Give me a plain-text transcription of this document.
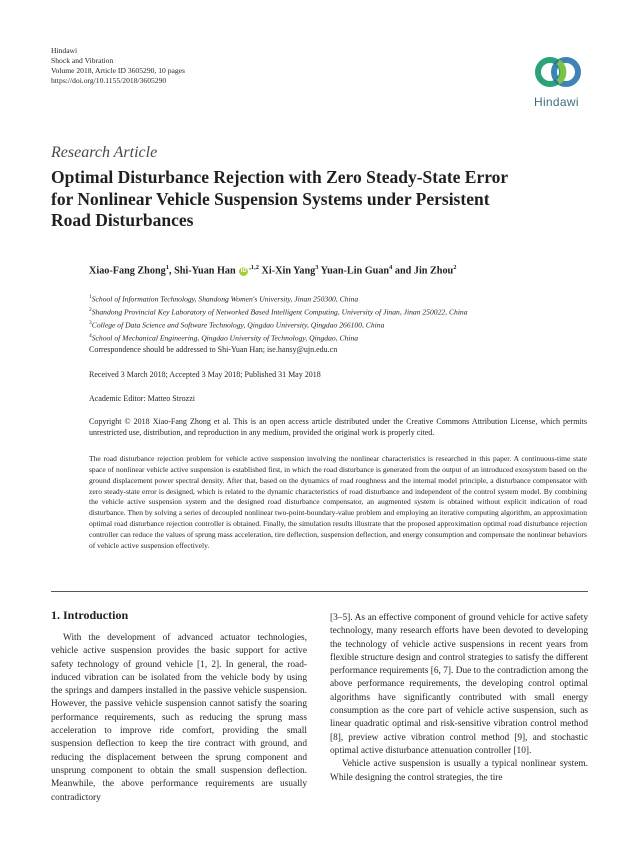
Hindawi
Shock and Vibration
Volume 2018, Article ID 3605290, 10 pages
https://doi.org/10.1155/2018/3605290
Hindawi
Research Article
Optimal Disturbance Rejection with Zero Steady-State Error for Nonlinear Vehicle Suspension Systems under Persistent Road Disturbances
Xiao-Fang Zhong$^1$, Shi-Yuan Han $iD^{,1,2}$ Xi-Xin Yang$^3$ Yuan-Lin Guan$^4$ and Jin Zhou$^2$
$^1$School of Information Technology, Shandong Women's University, Jinan 250300, China
$^2$Shandong Provincial Key Laboratory of Networked Based Intelligent Computing, University of Jinan, Jinan 250022, China
$^3$College of Data Science and Software Technology, Qingdao University, Qingdao 266100, China
$^4$School of Mechanical Engineering, Qingdao University of Technology, Qingdao, China
Correspondence should be addressed to Shi-Yuan Han; ise.hansy@ujn.edu.cn
Received 3 March 2018; Accepted 3 May 2018; Published 31 May 2018
Academic Editor: Matteo Strozzi
Copyright © 2018 Xiao-Fang Zhong et al. This is an open access article distributed under the Creative Commons Attribution License, which permits unrestricted use, distribution, and reproduction in any medium, provided the original work is properly cited.
The road disturbance rejection problem for vehicle active suspension involving the nonlinear characteristics is researched in this paper. A continuous-time state space of nonlinear vehicle active suspension is established first, in which the road disturbance is generated from the output of an introduced exosystem based on the ground displacement power spectral density. After that, based on the dynamics of road roughness and the internal model principle, a disturbance compensator with zero steady-state error is designed, which is related to the dynamic characteristics of road disturbance and independent of the control system model. By combining the vehicle active suspension system and the designed road disturbance compensator, an augmented system is obtained without explicit indication of road disturbance. Then by solving a series of decoupled nonlinear two-point-boundary-value problem and employing an iterative computing algorithm, an approximation optimal road disturbance rejection controller is obtained. Finally, the simulation results illustrate that the proposed approximation optimal road disturbance rejection controller can reduce the values of sprung mass acceleration, tire deflection, suspension deflection, and energy consumption and compensate the nonlinear behaviors of vehicle active suspension effectively.
1. Introduction
With the development of advanced actuator technologies, vehicle active suspension provides the basic support for active safety technology of ground vehicle [1, 2]. In general, the road-induced vibration can be isolated from the vehicle body by using the springs and dampers installed in the passive vehicle suspension. However, the passive vehicle suspension cannot satisfy the soaring performance requirements, such as reducing the sprung mass acceleration to improve ride comfort, providing the small suspension deflection to keep the tire contract with ground, and reducing the displacement between the sprung component and unsprung component to obtain the small suspension deflection. Meanwhile, the above performance requirements are usually contradictory
[3–5]. As an effective component of ground vehicle for active safety technology, many research efforts have been devoted to developing the technology of vehicle active suspensions in recent years from flexible structure design and control strategies to satisfy the different performance requirements [6, 7]. Due to the contradiction among the above performance requirements, the developing control optimal algorithms have significantly contributed with small energy consumption as the core part of vehicle active suspension, such as linear quadratic optimal and risk-sensitive vibration control method [8], preview active vibration control method [9], and stochastic optimal active disturbance attenuation controller [10].
Vehicle active suspension is usually a typical nonlinear system. While designing the control strategies, the tire
